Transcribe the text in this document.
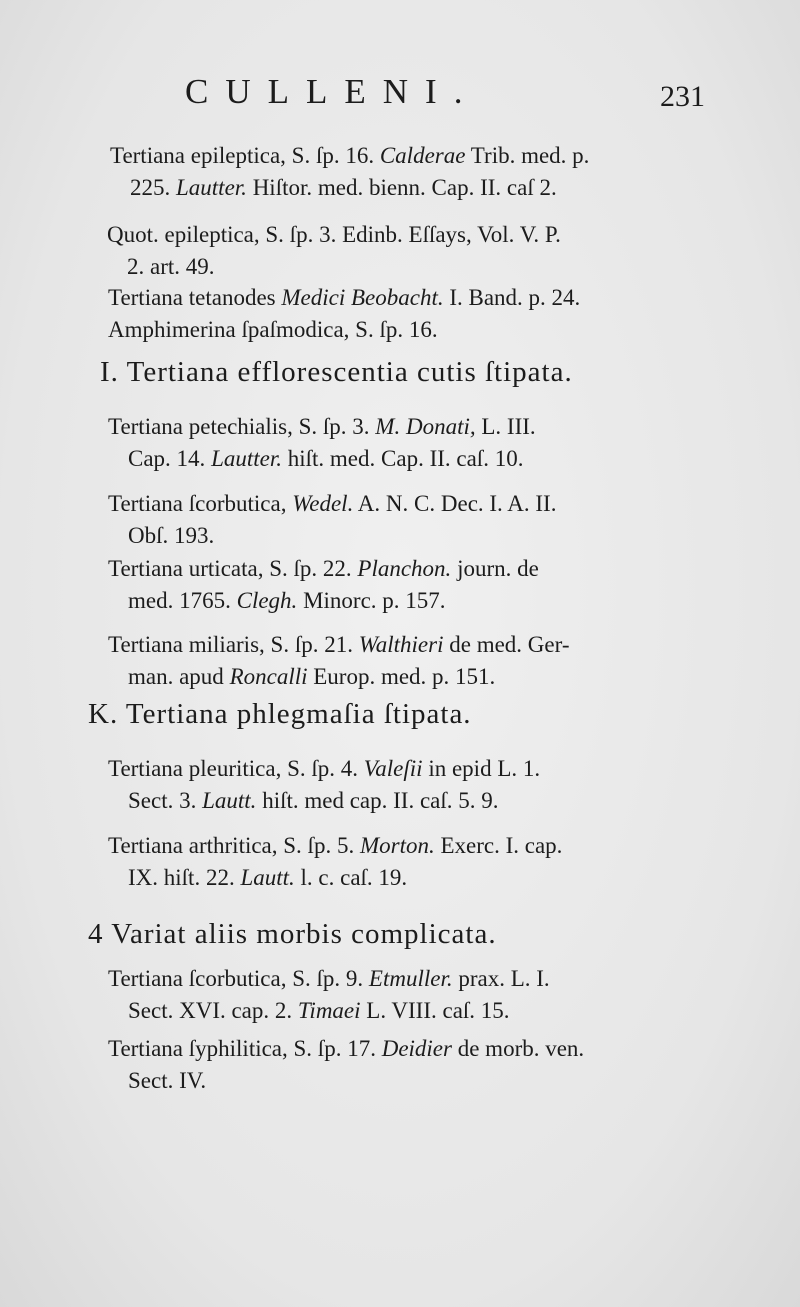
CULLENI.	231
Tertiana epileptica, S. ſp. 16. Calderae Trib. med. p.
225. Lautter. Hiſtor. med. bienn. Cap. II. caſ 2.
Quot. epileptica, S. ſp. 3. Edinb. Eſſays, Vol. V. P.
2. art. 49.
Tertiana tetanodes Medici Beobacht. I. Band. p. 24.
Amphimerina ſpaſmodica, S. ſp. 16.
I. Tertiana efflorescentia cutis ſtipata.
Tertiana petechialis, S. ſp. 3. M. Donati, L. III.
Cap. 14. Lautter. hiſt. med. Cap. II. caſ. 10.
Tertiana ſcorbutica, Wedel. A. N. C. Dec. I. A. II.
Obſ. 193.
Tertiana urticata, S. ſp. 22. Planchon. journ. de
med. 1765. Clegh. Minorc. p. 157.
Tertiana miliaris, S. ſp. 21. Walthieri de med. Ger-
man. apud Roncalli Europ. med. p. 151.
K. Tertiana phlegmaſia ſtipata.
Tertiana pleuritica, S. ſp. 4. Valeſii in epid L. 1.
Sect. 3. Lautt. hiſt. med cap. II. caſ. 5. 9.
Tertiana arthritica, S. ſp. 5. Morton. Exerc. I. cap.
IX. hiſt. 22. Lautt. l. c. caſ. 19.
4 Variat aliis morbis complicata.
Tertiana ſcorbutica, S. ſp. 9. Etmuller. prax. L. I.
Sect. XVI. cap. 2. Timaei L. VIII. caſ. 15.
Tertiana ſyphilitica, S. ſp. 17. Deidier de morb. ven.
Sect. IV.
